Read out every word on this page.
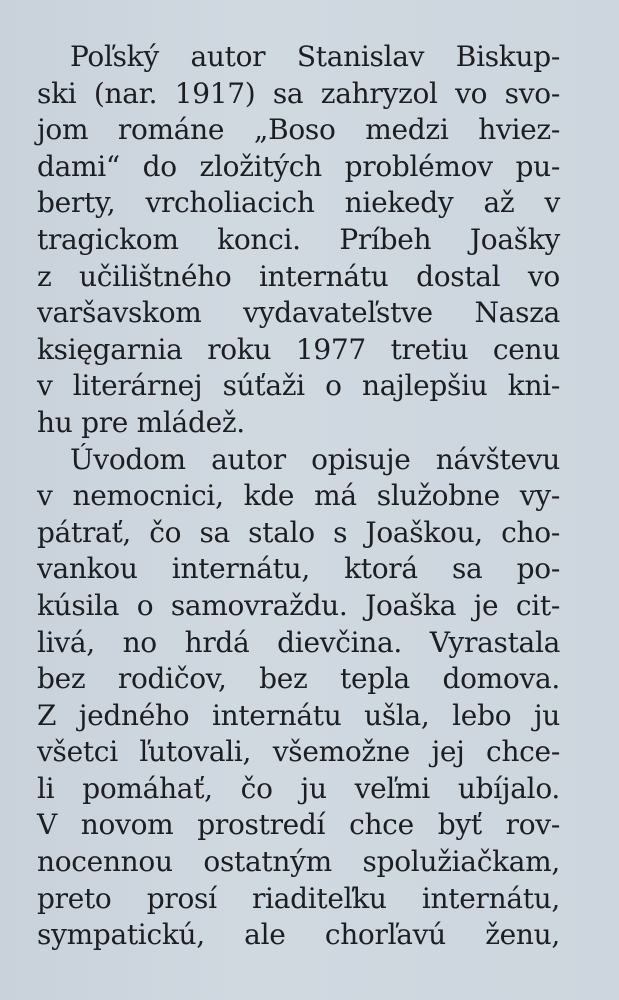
Poľský autor Stanislav Biskup-
ski (nar. 1917) sa zahryzol vo svo-
jom románe „Boso medzi hviez-
dami“ do zložitých problémov pu-
berty, vrcholiacich niekedy až v
tragickom konci. Príbeh Joašky
z učilištného internátu dostal vo
varšavskom vydavateľstve Nasza
księgarnia roku 1977 tretiu cenu
v literárnej súťaži o najlepšiu kni-
hu pre mládež.
Úvodom autor opisuje návštevu
v nemocnici, kde má služobne vy-
pátrať, čo sa stalo s Joaškou, cho-
vankou internátu, ktorá sa po-
kúsila o samovraždu. Joaška je cit-
livá, no hrdá dievčina. Vyrastala
bez rodičov, bez tepla domova.
Z jedného internátu ušla, lebo ju
všetci ľutovali, všemožne jej chce-
li pomáhať, čo ju veľmi ubíjalo.
V novom prostredí chce byť rov-
nocennou ostatným spolužiačkam,
preto prosí riaditeľku internátu,
sympatickú, ale chorľavú ženu,
